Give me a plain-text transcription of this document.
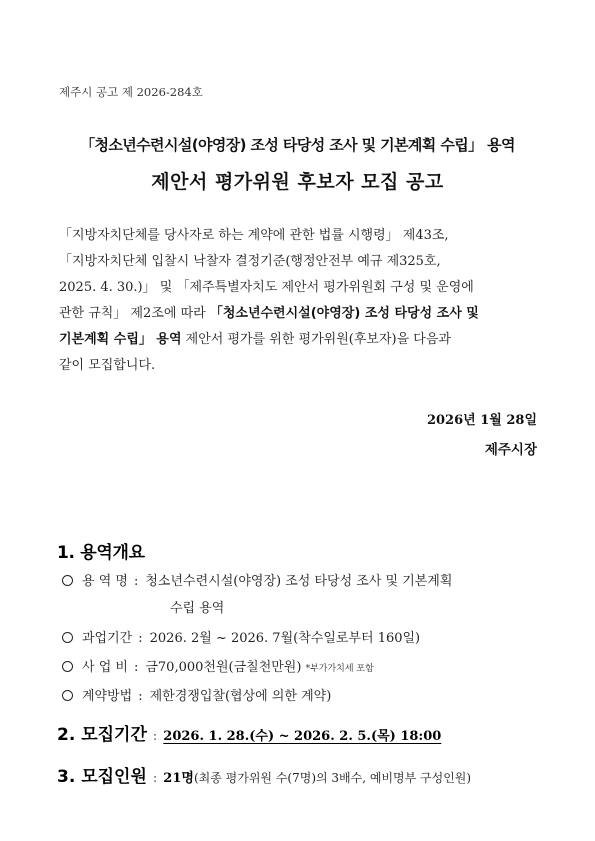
제주시 공고 제 2026-284호
「청소년수련시설(야영장) 조성 타당성 조사 및 기본계획 수립」 용역
제안서 평가위원 후보자 모집 공고
「지방자치단체를 당사자로 하는 계약에 관한 법률 시행령」 제43조,
「지방자치단체 입찰시 낙찰자 결정기준(행정안전부 예규 제325호,
2025. 4. 30.)」 및 「제주특별자치도 제안서 평가위원회 구성 및 운영에
관한 규칙」 제2조에 따라 「청소년수련시설(야영장) 조성 타당성 조사 및
기본계획 수립」 용역 제안서 평가를 위한 평가위원(후보자)을 다음과
같이 모집합니다.
2026년 1월 28일
제주시장
1. 용역개요
용 역 명 : 청소년수련시설(야영장) 조성 타당성 조사 및 기본계획
수립 용역
과업기간 : 2026. 2월 ~ 2026. 7월(착수일로부터 160일)
사 업 비 : 금70,000천원(금칠천만원) *부가가치세 포함
계약방법 : 제한경쟁입찰(협상에 의한 계약)
2. 모집기간 : 2026. 1. 28.(수) ~ 2026. 2. 5.(목) 18:00
3. 모집인원 : 21명(최종 평가위원 수(7명)의 3배수, 예비명부 구성인원)
